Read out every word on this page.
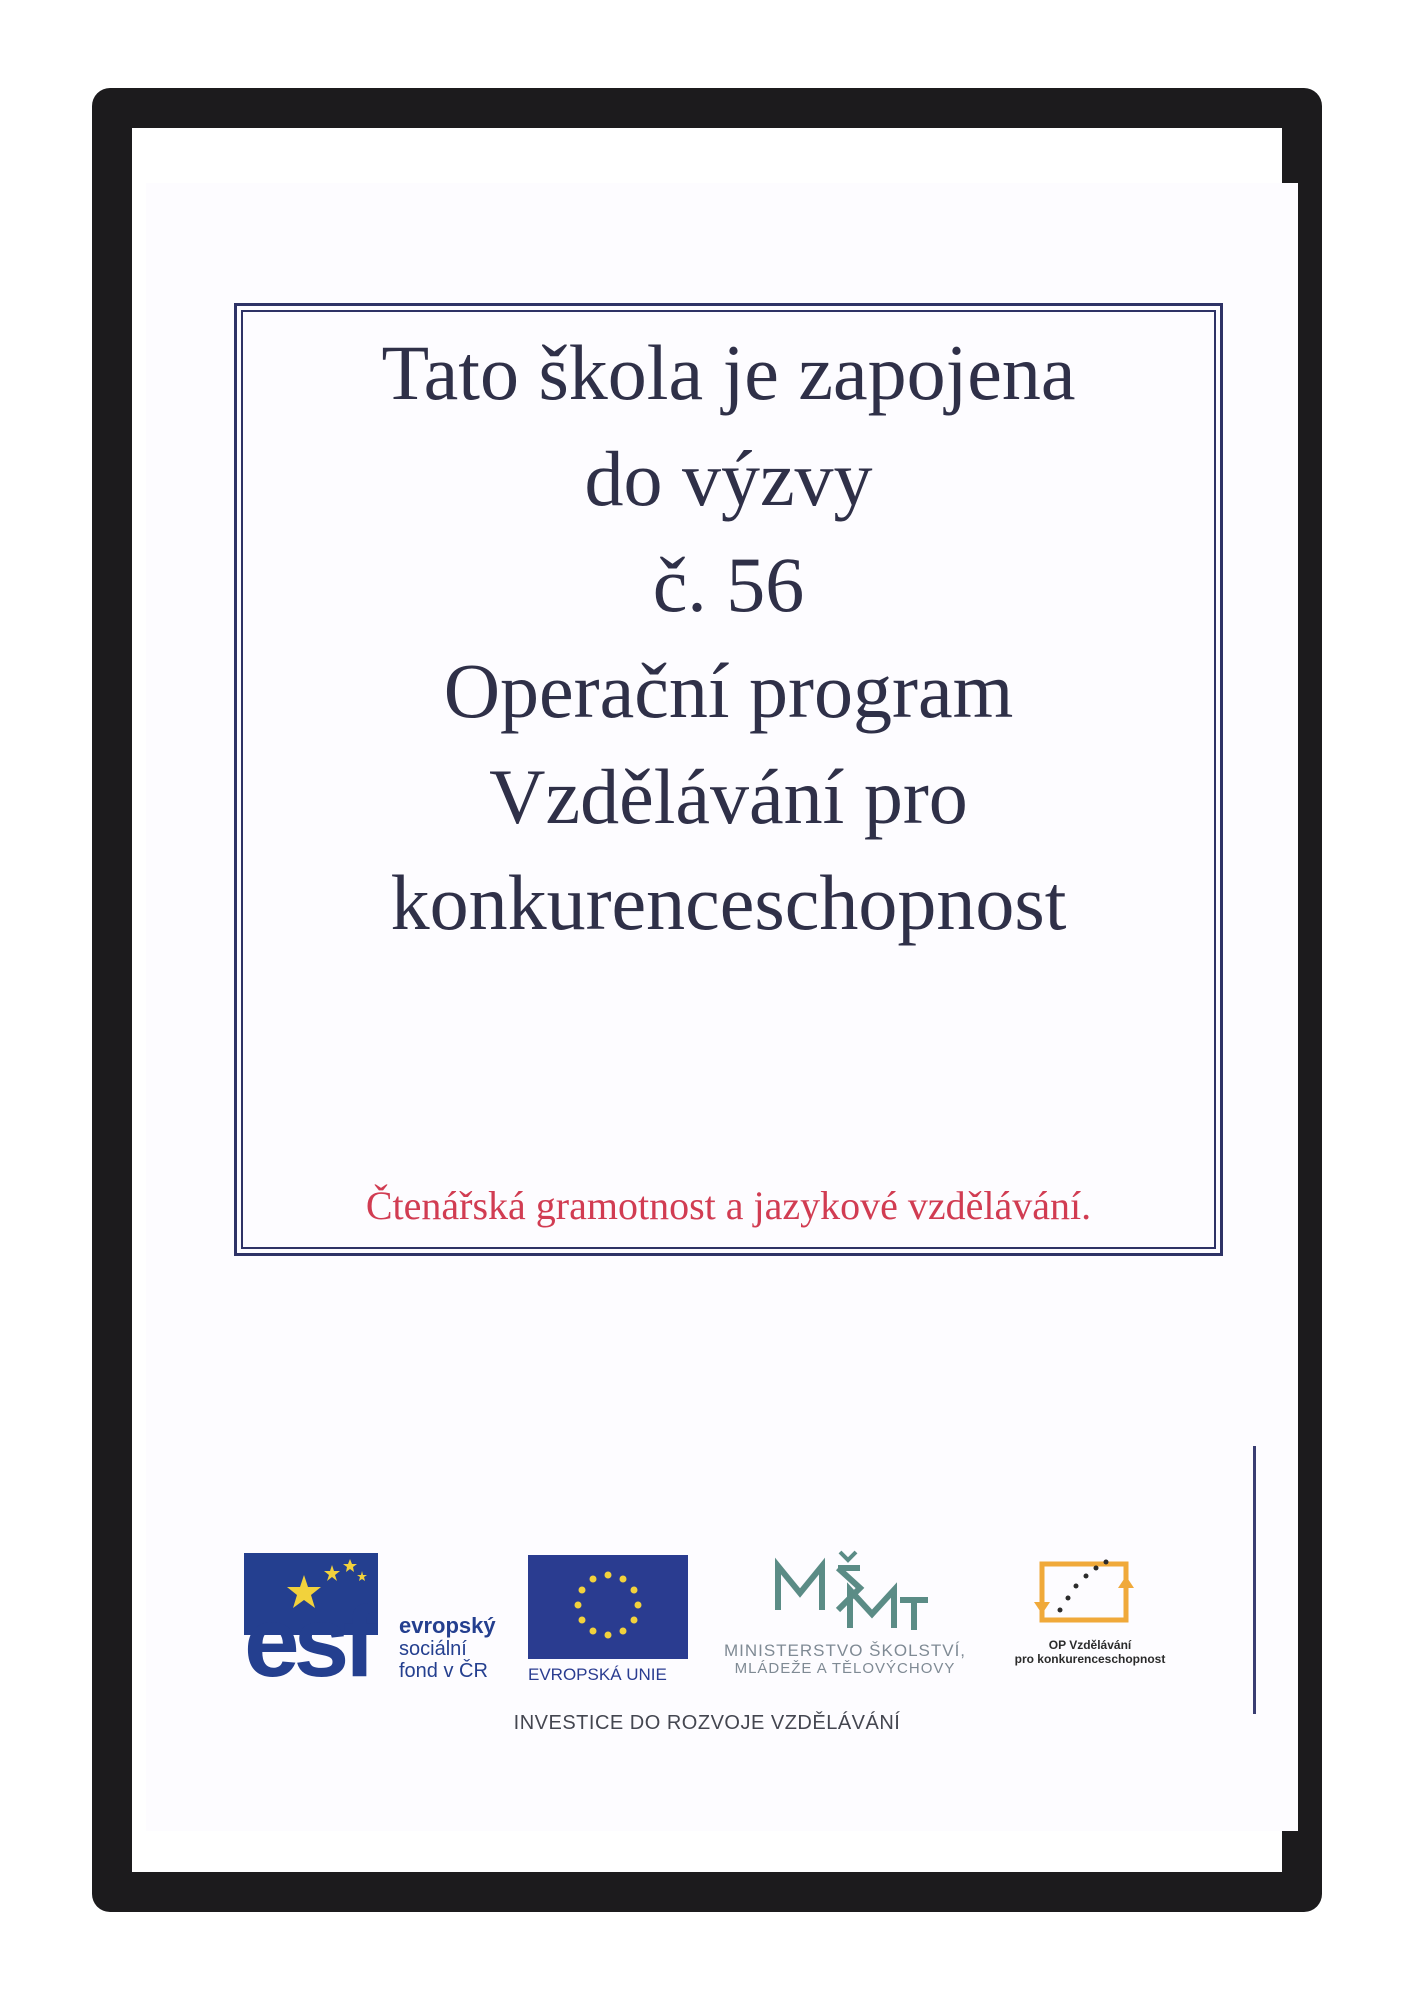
Tato škola je zapojena
do výzvy
č. 56
Operační program
Vzdělávání pro
konkurenceschopnost
Čtenářská gramotnost a jazykové vzdělávání.
esf evropský
sociální
fond v ČR	EVROPSKÁ UNIE
MINISTERSTVO ŠKOLSTVÍ,
MLÁDEŽE A TĚLOVÝCHOVY
OP Vzdělávání
pro konkurenceschopnost
INVESTICE DO ROZVOJE VZDĚLÁVÁNÍ
